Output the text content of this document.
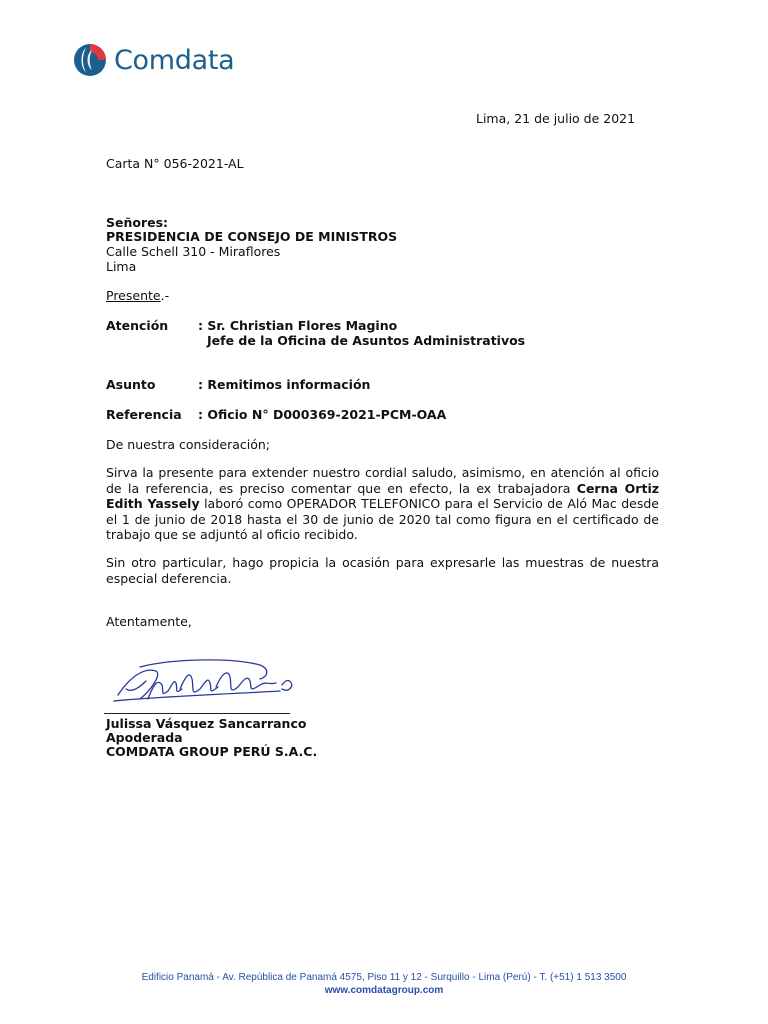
Comdata
Lima, 21 de julio de 2021
Carta N° 056-2021-AL
Señores:
PRESIDENCIA DE CONSEJO DE MINISTROS
Calle Schell 310 - Miraflores
Lima
Presente.-
Atención	: Sr. Christian Flores Magino
Jefe de la Oficina de Asuntos Administrativos
Asunto	: Remitimos información
Referencia	: Oficio N° D000369-2021-PCM-OAA
De nuestra consideración;
Sirva la presente para extender nuestro cordial saludo, asimismo, en atención al oficio de la referencia, es preciso comentar que en efecto, la ex trabajadora Cerna Ortiz Edith Yassely laboró como OPERADOR TELEFONICO para el Servicio de Aló Mac desde el 1 de junio de 2018 hasta el 30 de junio de 2020 tal como figura en el certificado de trabajo que se adjuntó al oficio recibido.
Sin otro particular, hago propicia la ocasión para expresarle las muestras de nuestra especial deferencia.
Atentamente,
Julissa Vásquez Sancarranco
Apoderada
COMDATA GROUP PERÚ S.A.C.
Edificio Panamá - Av. República de Panamá 4575, Piso 11 y 12 - Surquillo - Lima (Perú) - T. (+51) 1 513 3500
www.comdatagroup.com
